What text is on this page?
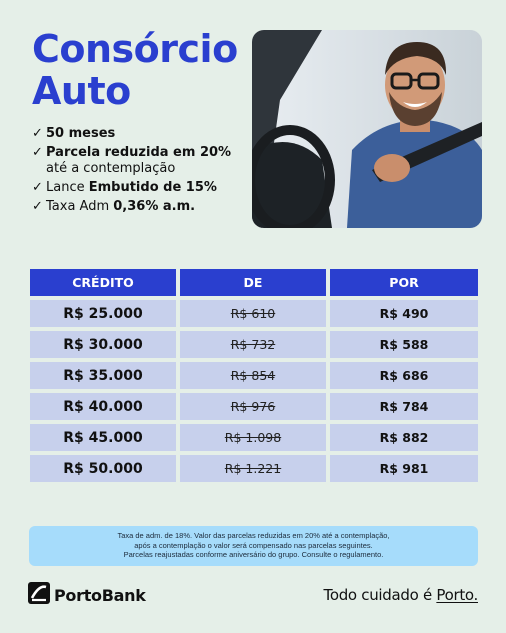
Consórcio
Auto
✓ 50 meses
✓ Parcela reduzida em 20%
até a contemplação
✓ Lance Embutido de 15%
✓ Taxa Adm 0,36% a.m.
CRÉDITO	DE	POR
R$ 25.000	R$ 610	R$ 490
R$ 30.000	R$ 732	R$ 588
R$ 35.000	R$ 854	R$ 686
R$ 40.000	R$ 976	R$ 784
R$ 45.000	R$ 1.098	R$ 882
R$ 50.000	R$ 1.221	R$ 981
Taxa de adm. de 18%. Valor das parcelas reduzidas em 20% até a contemplação,
após a contemplação o valor será compensado nas parcelas seguintes.
Parcelas reajustadas conforme aniversário do grupo. Consulte o regulamento.
PortoBank	Todo cuidado é Porto.
